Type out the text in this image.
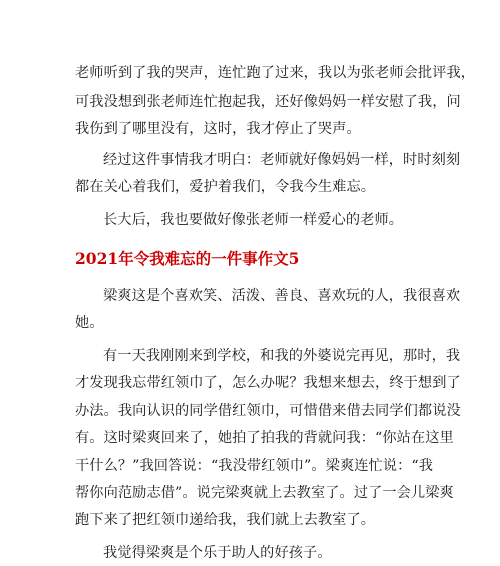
老师听到了我的哭声，连忙跑了过来，我以为张老师会批评我，
可我没想到张老师连忙抱起我，还好像妈妈一样安慰了我，问
我伤到了哪里没有，这时，我才停止了哭声。
经过这件事情我才明白：老师就好像妈妈一样，时时刻刻
都在关心着我们，爱护着我们，令我今生难忘。
长大后，我也要做好像张老师一样爱心的老师。
2021年令我难忘的一件事作文5
梁爽这是个喜欢笑、活泼、善良、喜欢玩的人，我很喜欢
她。
有一天我刚刚来到学校，和我的外婆说完再见，那时，我
才发现我忘带红领巾了，怎么办呢？我想来想去，终于想到了
办法。我向认识的同学借红领巾，可惜借来借去同学们都说没
有。这时梁爽回来了，她拍了拍我的背就问我：“你站在这里
干什么？”我回答说：“我没带红领巾”。梁爽连忙说：“我
帮你向范励志借”。说完梁爽就上去教室了。过了一会儿梁爽
跑下来了把红领巾递给我，我们就上去教室了。
我觉得梁爽是个乐于助人的好孩子。
